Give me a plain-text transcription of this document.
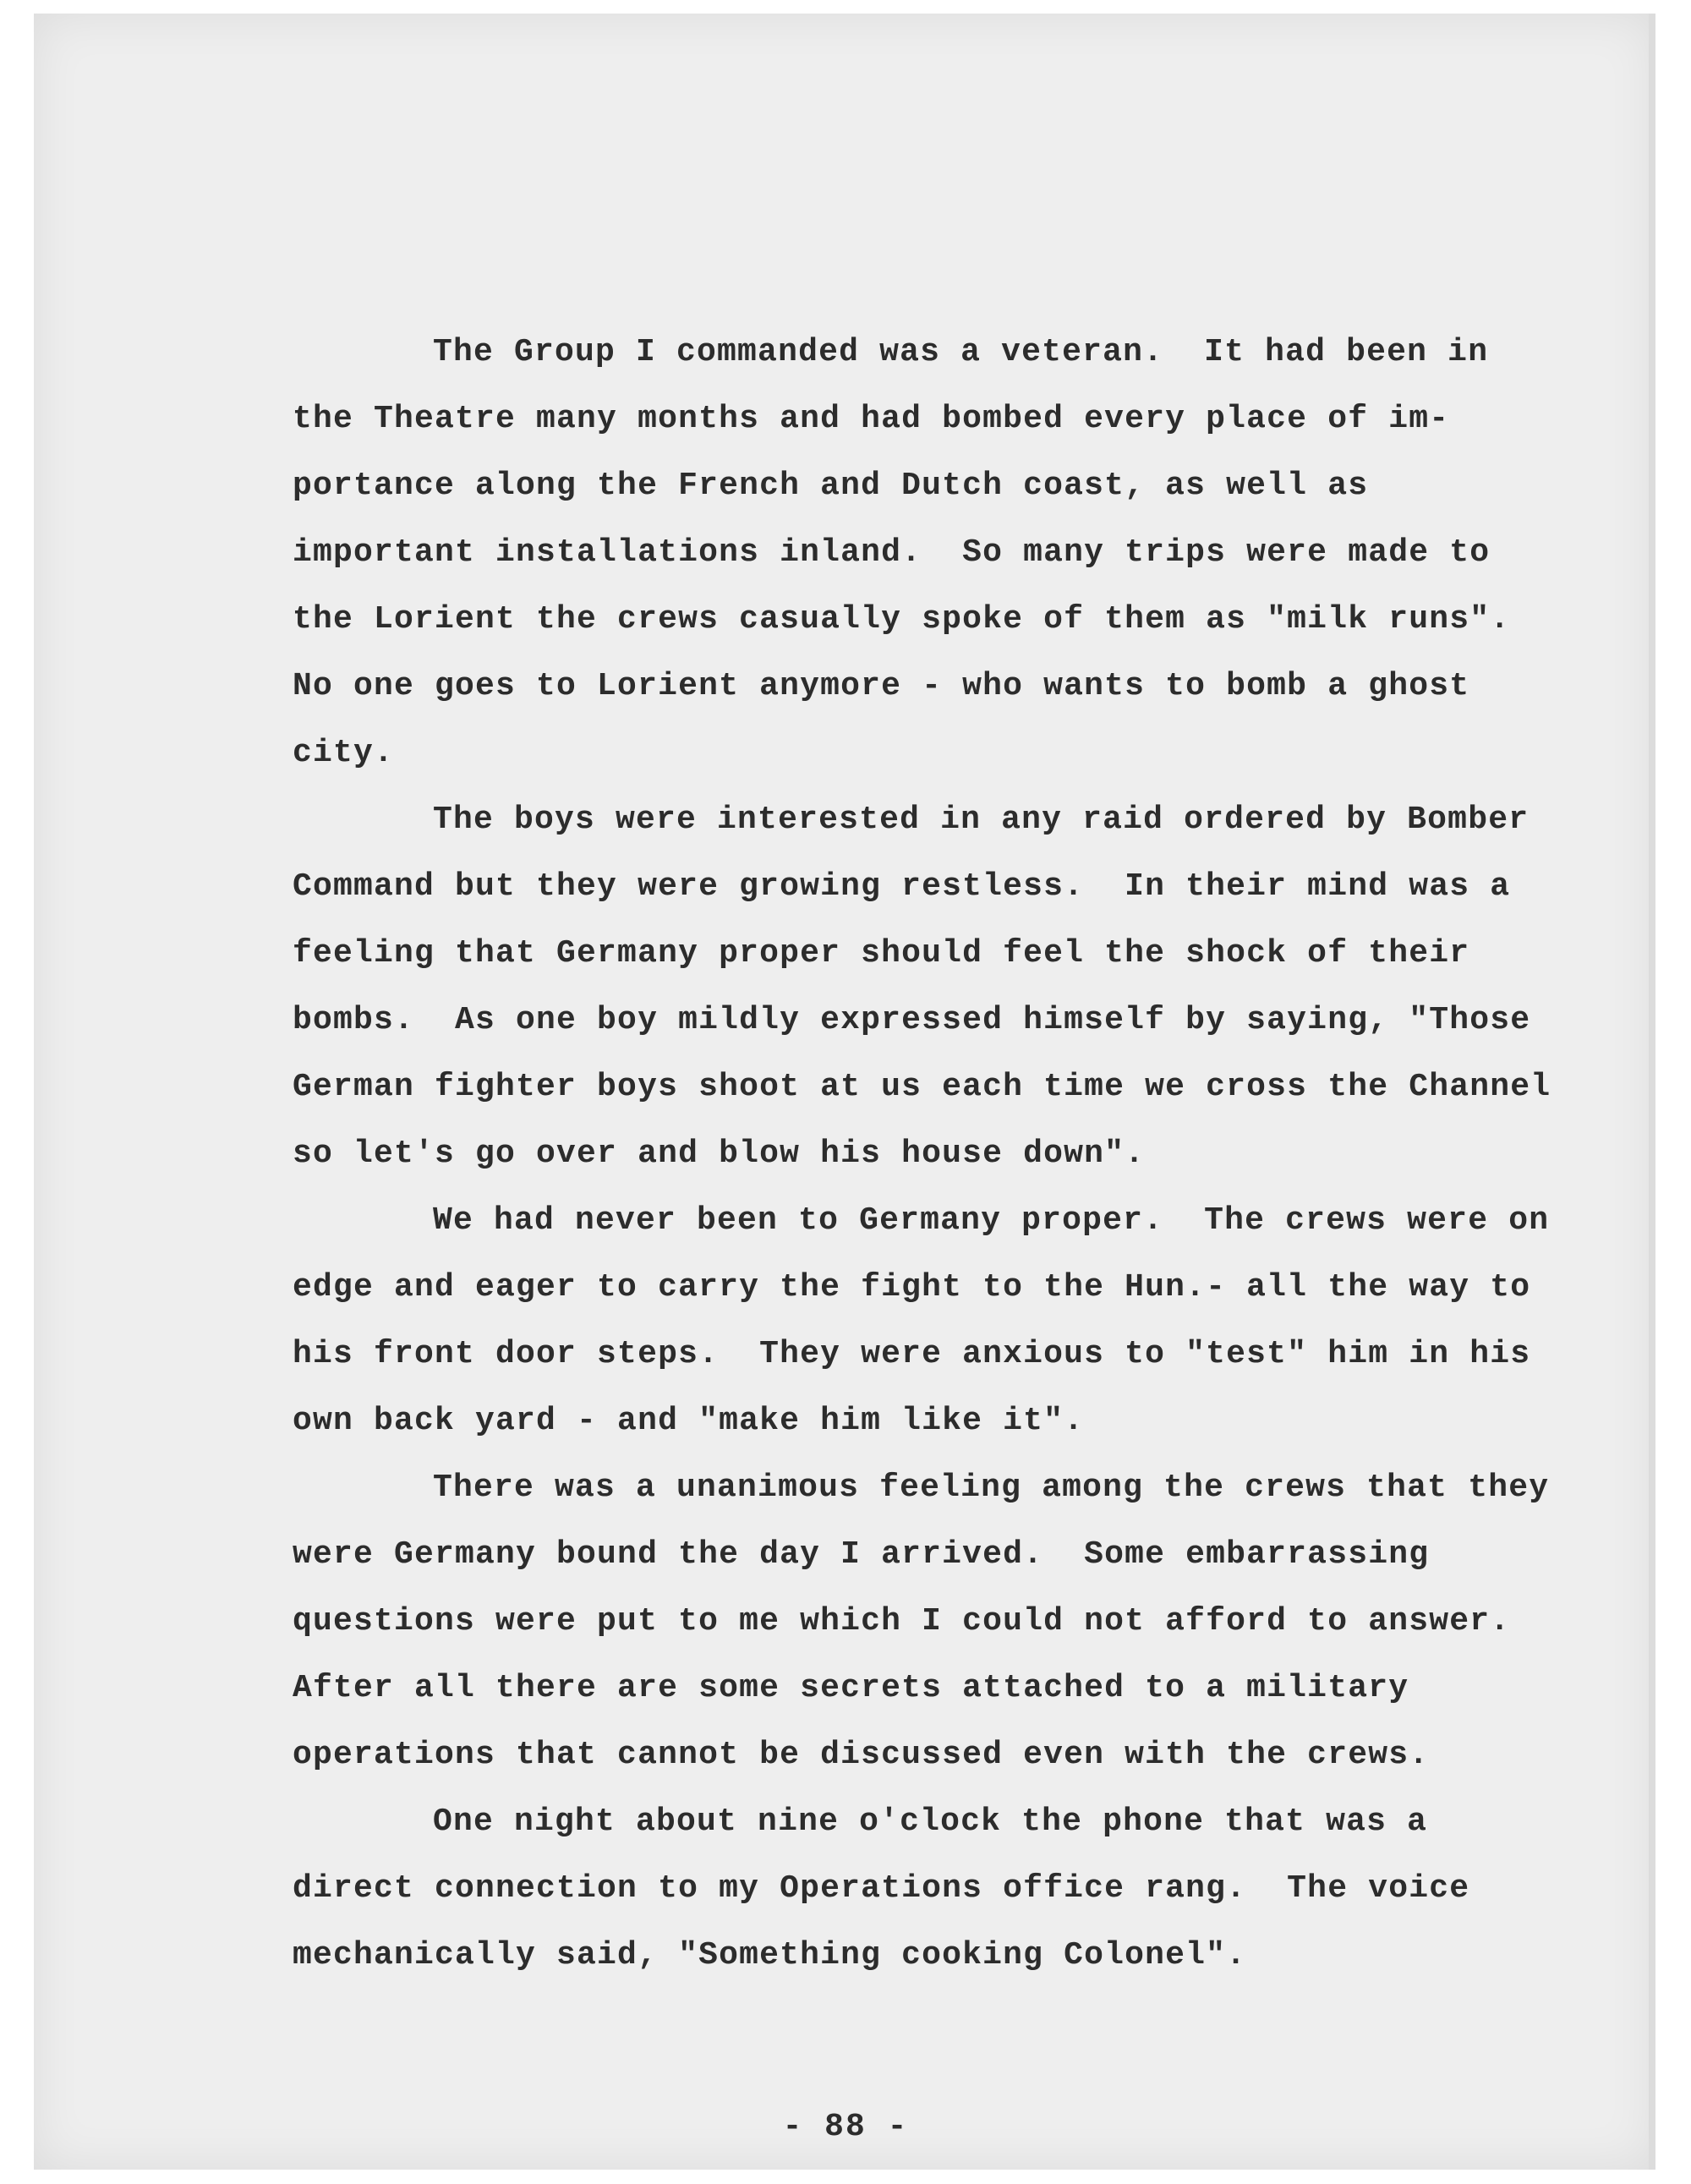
The Group I commanded was a veteran.  It had been in
the Theatre many months and had bombed every place of im-
portance along the French and Dutch coast, as well as
important installations inland.  So many trips were made to
the Lorient the crews casually spoke of them as "milk runs".
No one goes to Lorient anymore - who wants to bomb a ghost
city.
The boys were interested in any raid ordered by Bomber
Command but they were growing restless.  In their mind was a
feeling that Germany proper should feel the shock of their
bombs.  As one boy mildly expressed himself by saying, "Those
German fighter boys shoot at us each time we cross the Channel
so let's go over and blow his house down".
We had never been to Germany proper.  The crews were on
edge and eager to carry the fight to the Hun.- all the way to
his front door steps.  They were anxious to "test" him in his
own back yard - and "make him like it".
There was a unanimous feeling among the crews that they
were Germany bound the day I arrived.  Some embarrassing
questions were put to me which I could not afford to answer.
After all there are some secrets attached to a military
operations that cannot be discussed even with the crews.
One night about nine o'clock the phone that was a
direct connection to my Operations office rang.  The voice
mechanically said, "Something cooking Colonel".
- 88 -
